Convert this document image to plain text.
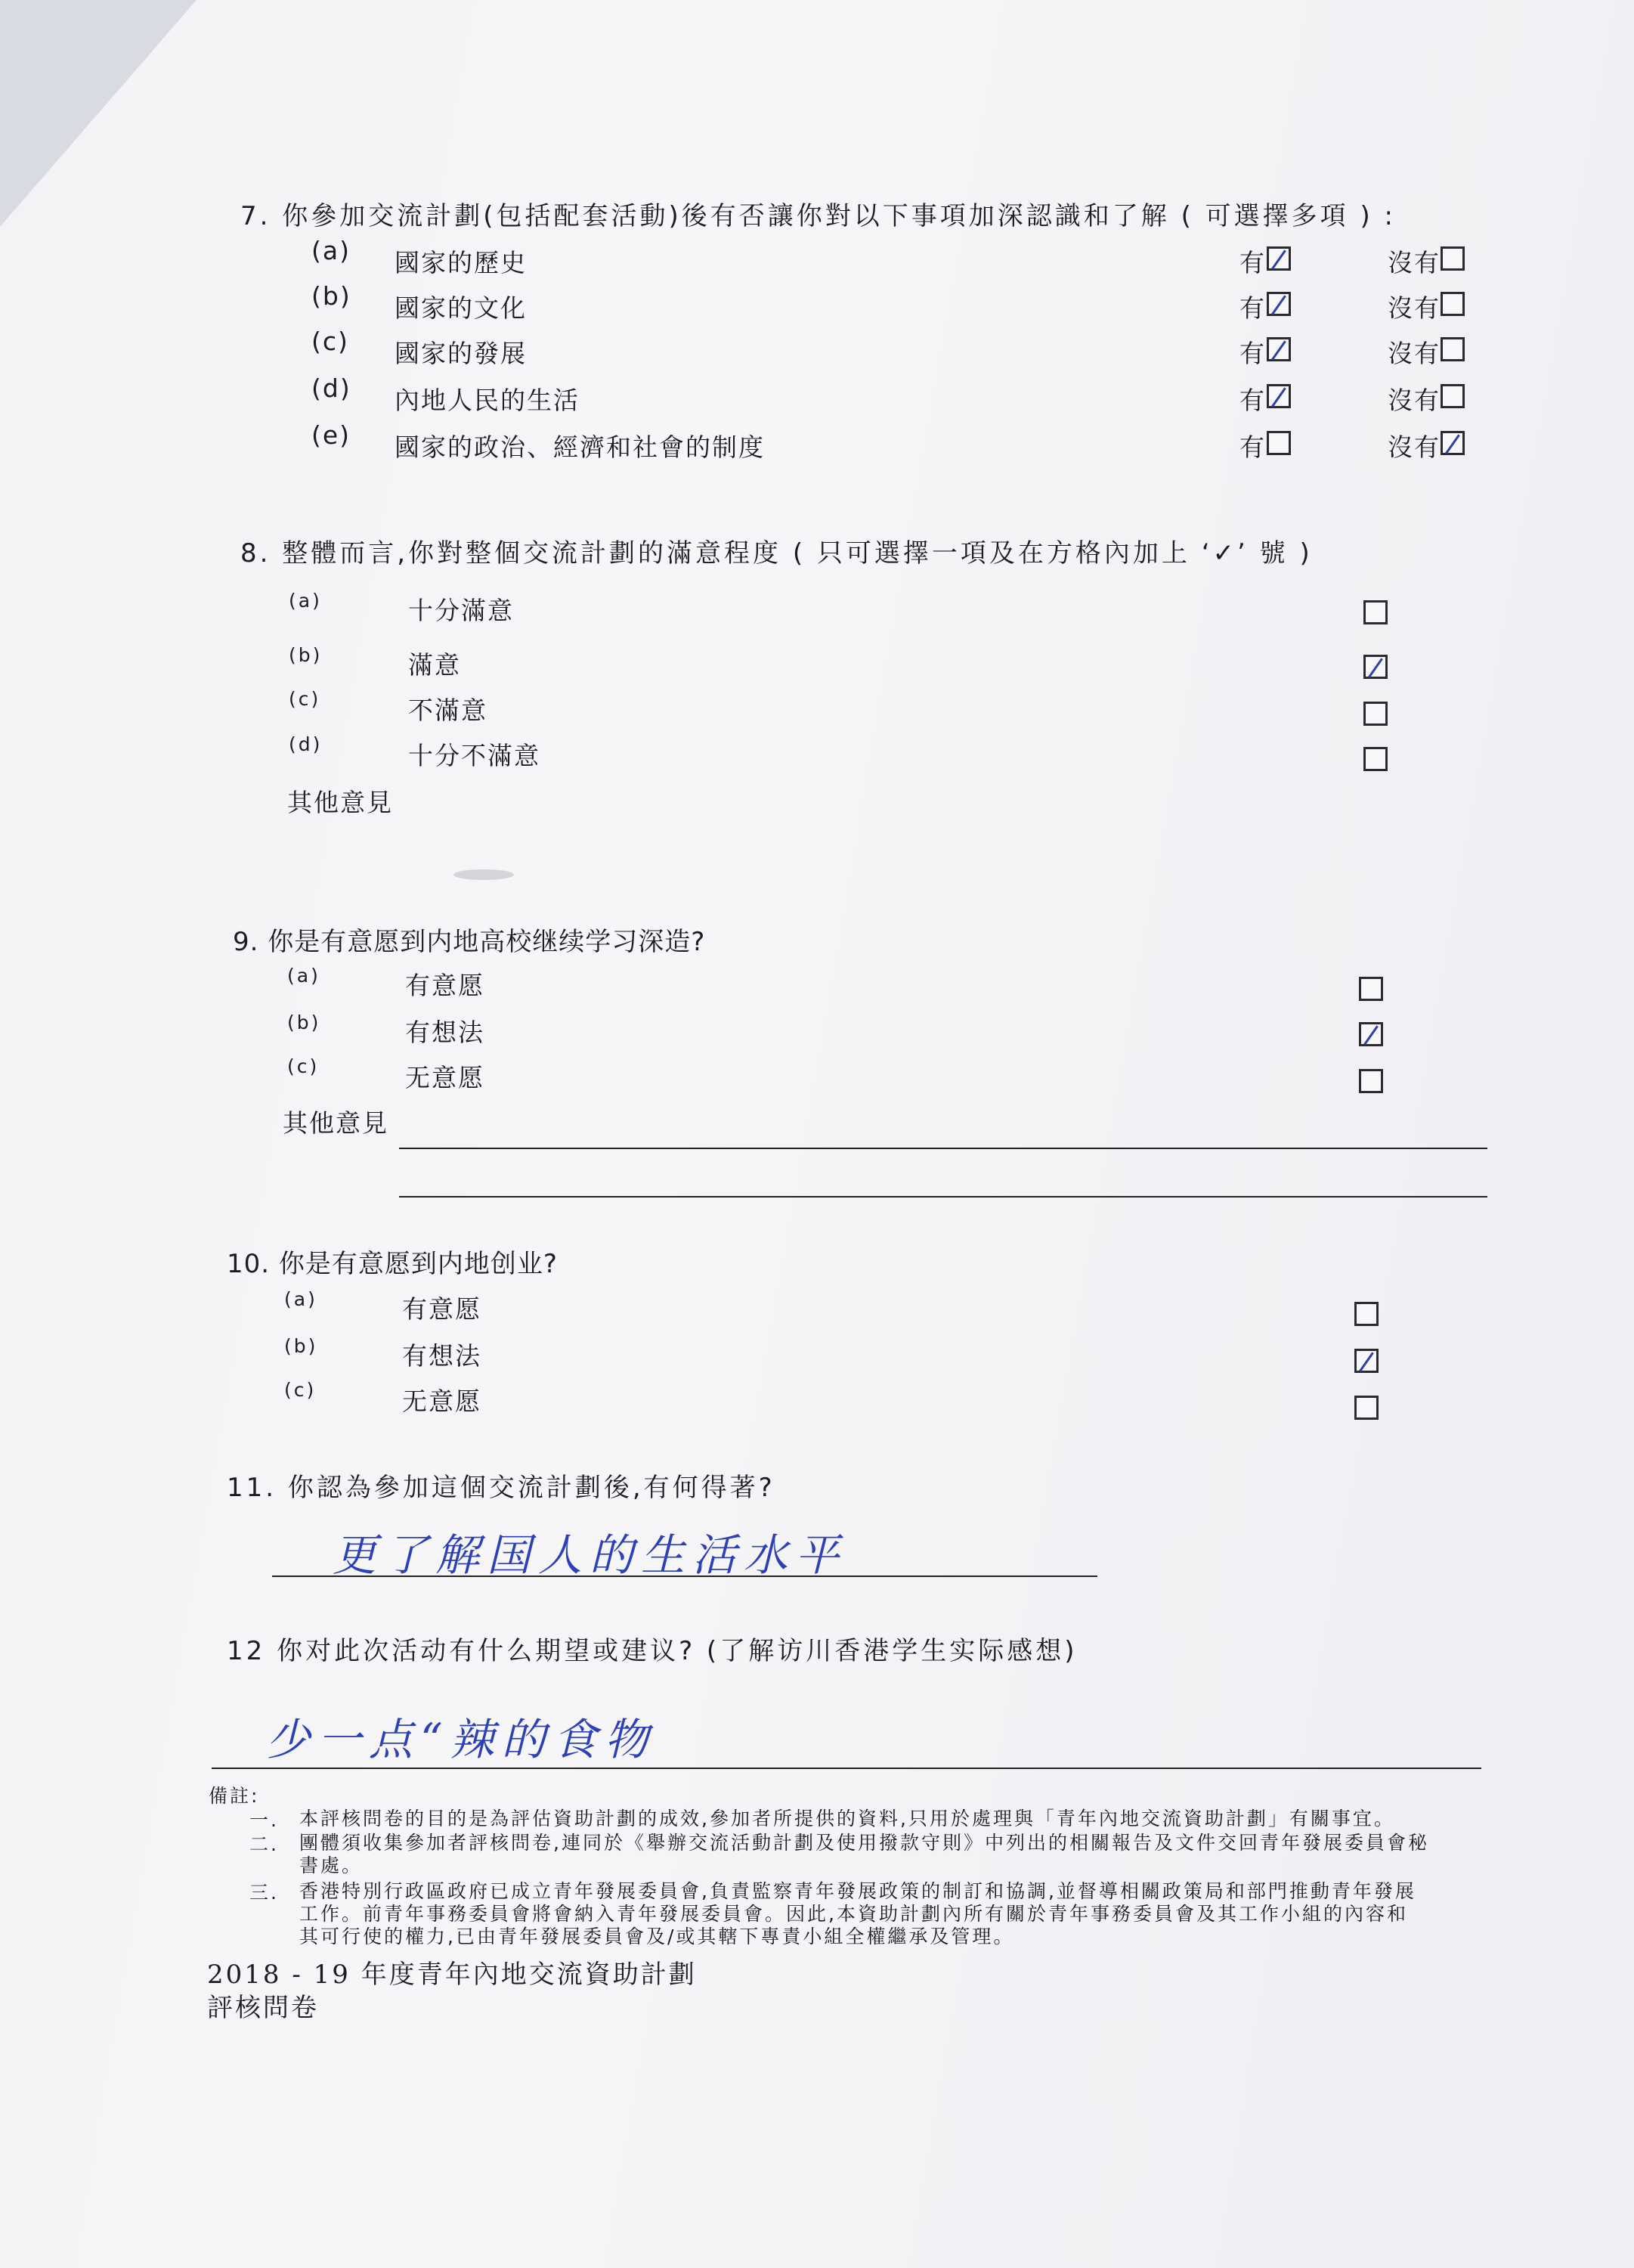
7. 你參加交流計劃(包括配套活動)後有否讓你對以下事項加深認識和了解 ( 可選擇多項 ) :
(a) 國家的歷史	有	沒有
(b) 國家的文化	有	沒有
(c) 國家的發展	有	沒有
(d) 內地人民的生活	有	沒有
(e) 國家的政治、經濟和社會的制度	有	沒有
8. 整體而言,你對整個交流計劃的滿意程度 ( 只可選擇一項及在方格內加上 ‘✓’ 號 )
(a)	十分滿意
(b)	滿意
(c)	不滿意
(d)	十分不滿意
其他意見
9. 你是有意愿到内地高校继续学习深造?
(a)	有意愿
(b)	有想法
(c)	无意愿
其他意見
10. 你是有意愿到内地创业?
(a)	有意愿
(b)	有想法
(c)	无意愿
11. 你認為參加這個交流計劃後,有何得著?
更了解国人的生活水平
12 你对此次活动有什么期望或建议? (了解访川香港学生实际感想)
少一点“辣的食物
備註:
一. 本評核問卷的目的是為評估資助計劃的成效,參加者所提供的資料,只用於處理與「青年內地交流資助計劃」有關事宜。
二. 團體須收集參加者評核問卷,連同於《舉辦交流活動計劃及使用撥款守則》中列出的相關報告及文件交回青年發展委員會秘
書處。
三. 香港特別行政區政府已成立青年發展委員會,負責監察青年發展政策的制訂和協調,並督導相關政策局和部門推動青年發展
工作。前青年事務委員會將會納入青年發展委員會。因此,本資助計劃內所有關於青年事務委員會及其工作小組的內容和
其可行使的權力,已由青年發展委員會及/或其轄下專責小組全權繼承及管理。
2018 - 19 年度青年內地交流資助計劃
評核問卷
